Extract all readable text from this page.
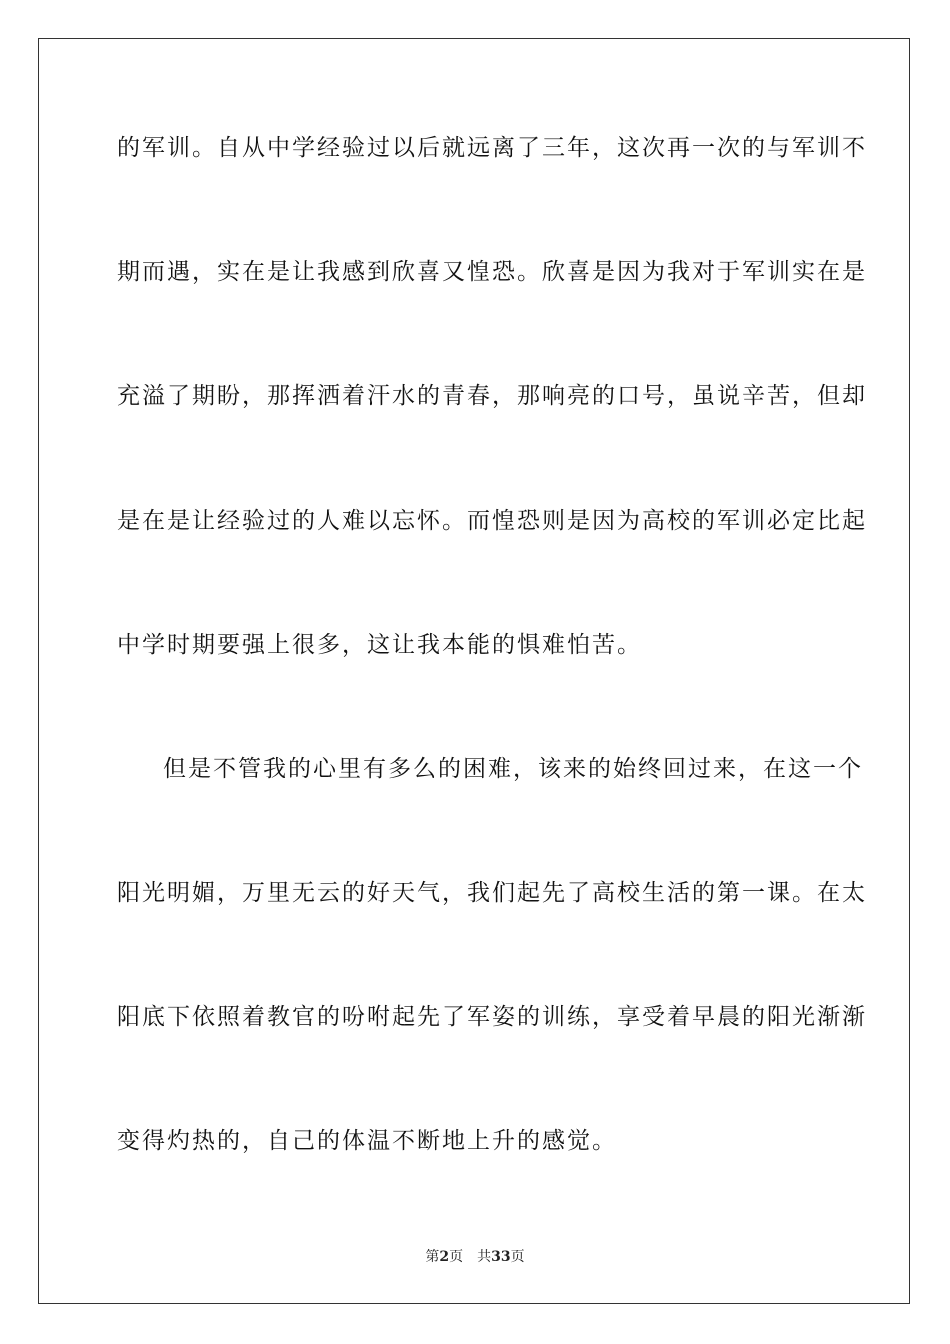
的军训。自从中学经验过以后就远离了三年，这次再一次的与军训不
期而遇，实在是让我感到欣喜又惶恐。欣喜是因为我对于军训实在是
充溢了期盼，那挥洒着汗水的青春，那响亮的口号，虽说辛苦，但却
是在是让经验过的人难以忘怀。而惶恐则是因为高校的军训必定比起
中学时期要强上很多，这让我本能的惧难怕苦。
但是不管我的心里有多么的困难，该来的始终回过来，在这一个
阳光明媚，万里无云的好天气，我们起先了高校生活的第一课。在太
阳底下依照着教官的吩咐起先了军姿的训练，享受着早晨的阳光渐渐
变得灼热的，自己的体温不断地上升的感觉。
第2页 共33页
